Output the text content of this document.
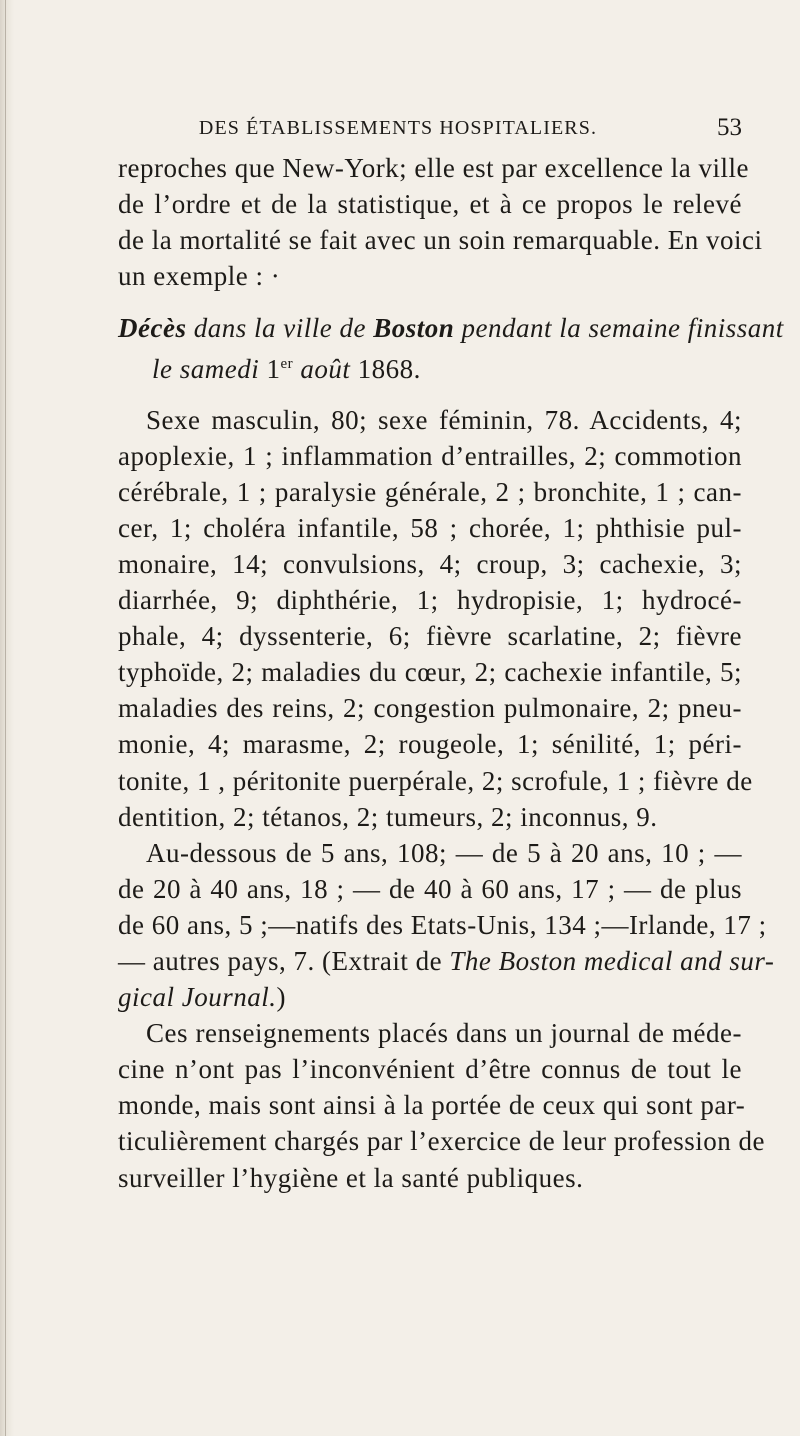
DES ÉTABLISSEMENTS HOSPITALIERS.	53
reproches que New-York; elle est par excellence la ville
de l’ordre et de la statistique, et à ce propos le relevé
de la mortalité se fait avec un soin remarquable. En voici
un exemple : ·
Décès dans la ville de Boston pendant la semaine finissant
le samedi 1er août 1868.
Sexe masculin, 80; sexe féminin, 78. Accidents, 4;
apoplexie, 1 ; inflammation d’entrailles, 2; commotion
cérébrale, 1 ; paralysie générale, 2 ; bronchite, 1 ; can-
cer, 1; choléra infantile, 58 ; chorée, 1; phthisie pul-
monaire, 14; convulsions, 4; croup, 3; cachexie, 3;
diarrhée, 9; diphthérie, 1; hydropisie, 1; hydrocé-
phale, 4; dyssenterie, 6; fièvre scarlatine, 2; fièvre
typhoïde, 2; maladies du cœur, 2; cachexie infantile, 5;
maladies des reins, 2; congestion pulmonaire, 2; pneu-
monie, 4; marasme, 2; rougeole, 1; sénilité, 1; péri-
tonite, 1 , péritonite puerpérale, 2; scrofule, 1 ; fièvre de
dentition, 2; tétanos, 2; tumeurs, 2; inconnus, 9.
Au-dessous de 5 ans, 108; — de 5 à 20 ans, 10 ; —
de 20 à 40 ans, 18 ; — de 40 à 60 ans, 17 ; — de plus
de 60 ans, 5 ;—natifs des Etats-Unis, 134 ;—Irlande, 17 ;
— autres pays, 7. (Extrait de The Boston medical and sur-
gical Journal.)
Ces renseignements placés dans un journal de méde-
cine n’ont pas l’inconvénient d’être connus de tout le
monde, mais sont ainsi à la portée de ceux qui sont par-
ticulièrement chargés par l’exercice de leur profession de
surveiller l’hygiène et la santé publiques.
